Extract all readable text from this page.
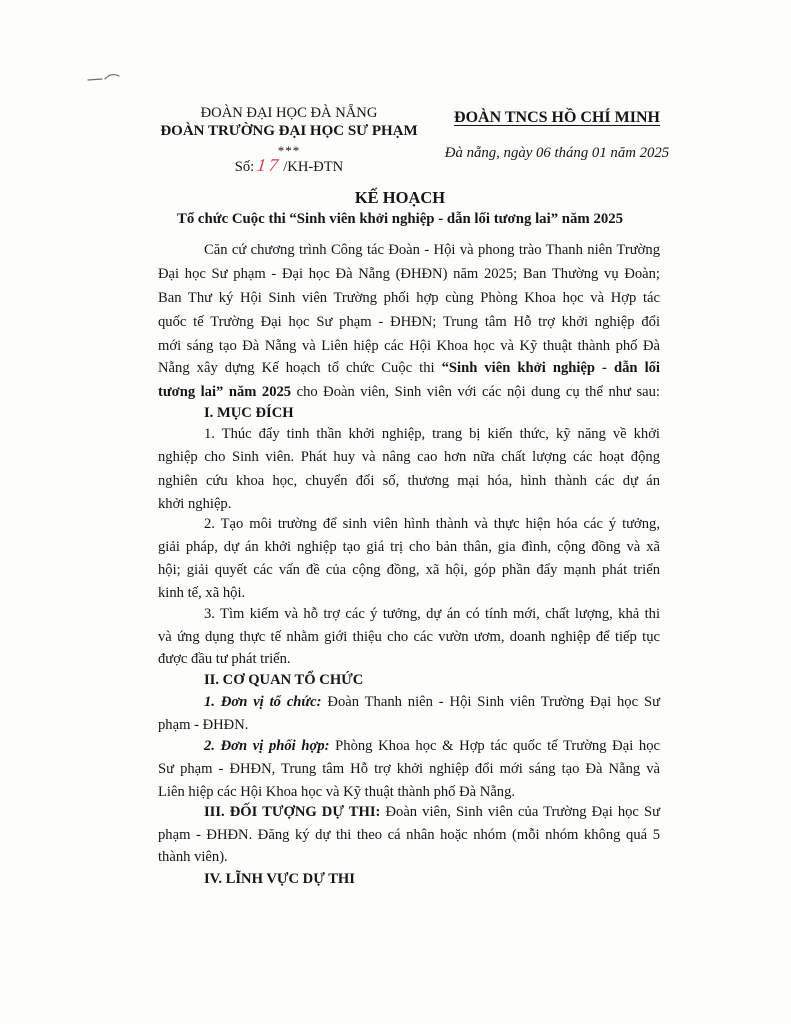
ĐOÀN ĐẠI HỌC ĐÀ NẴNG
ĐOÀN TRƯỜNG ĐẠI HỌC SƯ PHẠM
***
Số: 17/KH-ĐTN
ĐOÀN TNCS HỒ CHÍ MINH
Đà nẵng, ngày 06 tháng 01 năm 2025
KẾ HOẠCH
Tổ chức Cuộc thi “Sinh viên khởi nghiệp - dẫn lối tương lai” năm 2025
Căn cứ chương trình Công tác Đoàn - Hội và phong trào Thanh niên Trường
Đại học Sư phạm - Đại học Đà Nẵng (ĐHĐN) năm 2025; Ban Thường vụ Đoàn;
Ban Thư ký Hội Sinh viên Trường phối hợp cùng Phòng Khoa học và Hợp tác
quốc tế Trường Đại học Sư phạm - ĐHĐN; Trung tâm Hỗ trợ khởi nghiệp đổi
mới sáng tạo Đà Nẵng và Liên hiệp các Hội Khoa học và Kỹ thuật thành phố Đà
Nẵng xây dựng Kế hoạch tổ chức Cuộc thi “Sinh viên khởi nghiệp - dẫn lối
tương lai” năm 2025 cho Đoàn viên, Sinh viên với các nội dung cụ thể như sau:
I. MỤC ĐÍCH
1. Thúc đẩy tinh thần khởi nghiệp, trang bị kiến thức, kỹ năng về khởi
nghiệp cho Sinh viên. Phát huy và nâng cao hơn nữa chất lượng các hoạt động
nghiên cứu khoa học, chuyển đổi số, thương mại hóa, hình thành các dự án
khởi nghiệp.
2. Tạo môi trường để sinh viên hình thành và thực hiện hóa các ý tưởng,
giải pháp, dự án khởi nghiệp tạo giá trị cho bản thân, gia đình, cộng đồng và xã
hội; giải quyết các vấn đề của cộng đồng, xã hội, góp phần đẩy mạnh phát triển
kinh tế, xã hội.
3. Tìm kiếm và hỗ trợ các ý tưởng, dự án có tính mới, chất lượng, khả thi
và ứng dụng thực tế nhằm giới thiệu cho các vườn ươm, doanh nghiệp để tiếp tục
được đầu tư phát triển.
II. CƠ QUAN TỔ CHỨC
1. Đơn vị tổ chức: Đoàn Thanh niên - Hội Sinh viên Trường Đại học Sư
phạm - ĐHĐN.
2. Đơn vị phối hợp: Phòng Khoa học & Hợp tác quốc tế Trường Đại học
Sư phạm - ĐHĐN, Trung tâm Hỗ trợ khởi nghiệp đổi mới sáng tạo Đà Nẵng và
Liên hiệp các Hội Khoa học và Kỹ thuật thành phố Đà Nẵng.
III. ĐỐI TƯỢNG DỰ THI: Đoàn viên, Sinh viên của Trường Đại học Sư
phạm - ĐHĐN. Đăng ký dự thi theo cá nhân hoặc nhóm (mỗi nhóm không quá 5
thành viên).
IV. LĨNH VỰC DỰ THI
